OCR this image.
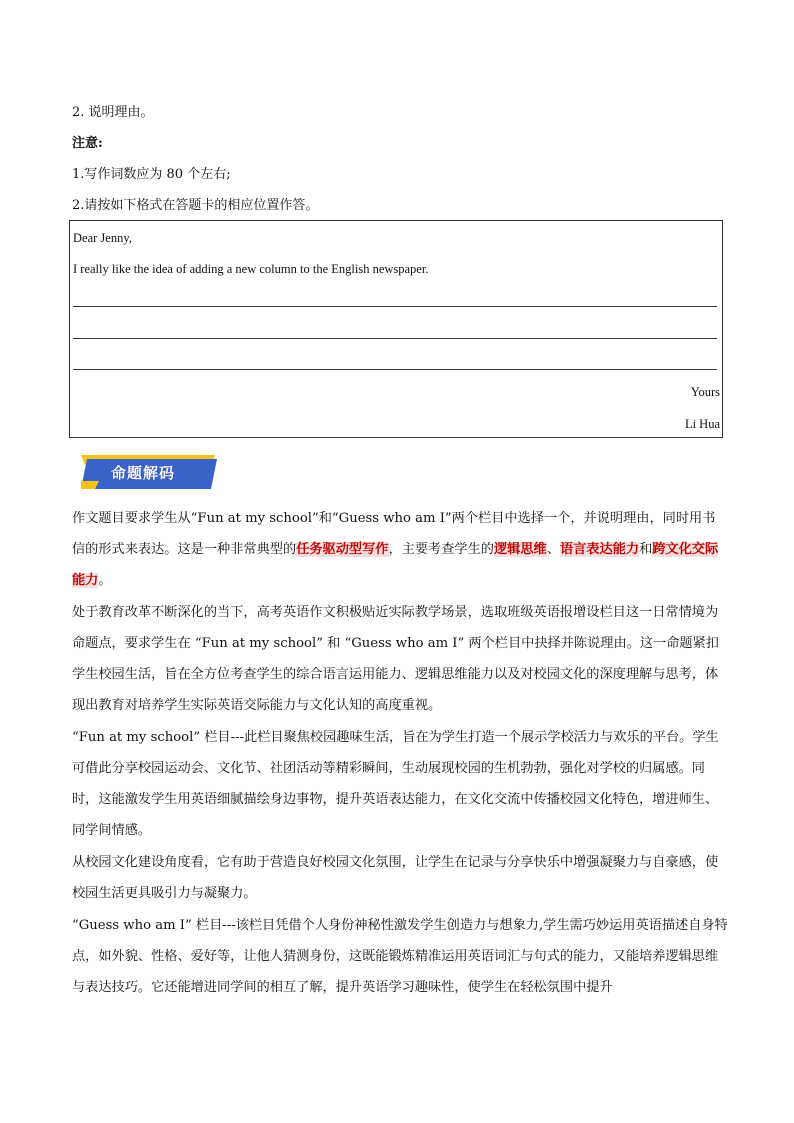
2. 说明理由。
注意:
1.写作词数应为 80 个左右;
2.请按如下格式在答题卡的相应位置作答。
Dear Jenny,
I really like the idea of adding a new column to the English newspaper.
Yours
Li Hua
命题解码
作文题目要求学生从“Fun at my school”和“Guess who am I”两个栏目中选择一个，并说明理由，同时用书信的形式来表达。这是一种非常典型的任务驱动型写作，主要考查学生的逻辑思维、语言表达能力和跨文化交际能力。
处于教育改革不断深化的当下，高考英语作文积极贴近实际教学场景，选取班级英语报增设栏目这一日常情境为命题点，要求学生在 “Fun at my school” 和 “Guess who am I” 两个栏目中抉择并陈说理由。这一命题紧扣学生校园生活，旨在全方位考查学生的综合语言运用能力、逻辑思维能力以及对校园文化的深度理解与思考，体现出教育对培养学生实际英语交际能力与文化认知的高度重视。
“Fun at my school” 栏目---此栏目聚焦校园趣味生活，旨在为学生打造一个展示学校活力与欢乐的平台。学生可借此分享校园运动会、文化节、社团活动等精彩瞬间，生动展现校园的生机勃勃，强化对学校的归属感。同时，这能激发学生用英语细腻描绘身边事物，提升英语表达能力，在文化交流中传播校园文化特色，增进师生、同学间情感。
从校园文化建设角度看，它有助于营造良好校园文化氛围，让学生在记录与分享快乐中增强凝聚力与自豪感，使校园生活更具吸引力与凝聚力。
“Guess who am I” 栏目---该栏目凭借个人身份神秘性激发学生创造力与想象力,学生需巧妙运用英语描述自身特点，如外貌、性格、爱好等，让他人猜测身份，这既能锻炼精准运用英语词汇与句式的能力，又能培养逻辑思维与表达技巧。它还能增进同学间的相互了解，提升英语学习趣味性，使学生在轻松氛围中提升
